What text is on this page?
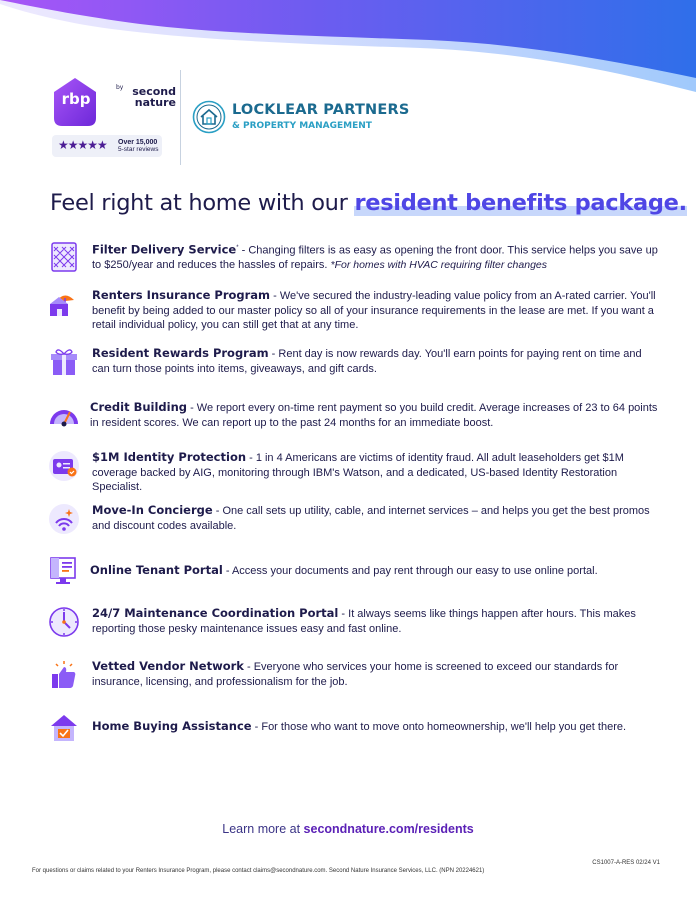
rbp
by second
nature
★★★★★ Over 15,000
5-star reviews
LOCKLEAR PARTNERS
& PROPERTY MANAGEMENT
Feel right at home with our resident benefits package.
Filter Delivery Service* - Changing filters is as easy as opening the front door. This service helps you save up to $250/year and reduces the hassles of repairs. *For homes with HVAC requiring filter changes
Renters Insurance Program - We've secured the industry-leading value policy from an A-rated carrier. You'll benefit by being added to our master policy so all of your insurance requirements in the lease are met. If you want a retail individual policy, you can still get that at any time.
Resident Rewards Program - Rent day is now rewards day. You'll earn points for paying rent on time and can turn those points into items, giveaways, and gift cards.
Credit Building - We report every on-time rent payment so you build credit. Average increases of 23 to 64 points in resident scores. We can report up to the past 24 months for an immediate boost.
$1M Identity Protection - 1 in 4 Americans are victims of identity fraud. All adult leaseholders get $1M coverage backed by AIG, monitoring through IBM's Watson, and a dedicated, US-based Identity Restoration Specialist.
Move-In Concierge - One call sets up utility, cable, and internet services – and helps you get the best promos and discount codes available.
Online Tenant Portal - Access your documents and pay rent through our easy to use online portal.
24/7 Maintenance Coordination Portal - It always seems like things happen after hours. This makes reporting those pesky maintenance issues easy and fast online.
Vetted Vendor Network - Everyone who services your home is screened to exceed our standards for insurance, licensing, and professionalism for the job.
Home Buying Assistance - For those who want to move onto homeownership, we'll help you get there.
Learn more at secondnature.com/residents
CS1007-A-RES 02/24 V1
For questions or claims related to your Renters Insurance Program, please contact claims@secondnature.com. Second Nature Insurance Services, LLC. (NPN 20224621)
